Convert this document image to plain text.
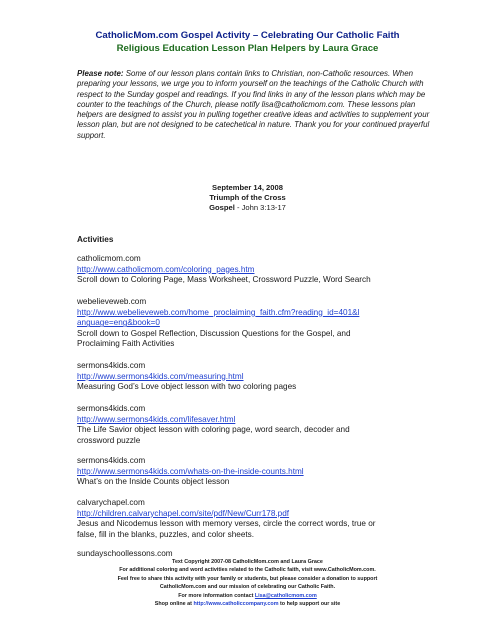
CatholicMom.com Gospel Activity – Celebrating Our Catholic Faith
Religious Education Lesson Plan Helpers by Laura Grace
Please note: Some of our lesson plans contain links to Christian, non-Catholic resources. When preparing your lessons, we urge you to inform yourself on the teachings of the Catholic Church with respect to the Sunday gospel and readings. If you find links in any of the lesson plans which may be counter to the teachings of the Church, please notify lisa@catholicmom.com. These lessons plan helpers are designed to assist you in pulling together creative ideas and activities to supplement your lesson plan, but are not designed to be catechetical in nature. Thank you for your continued prayerful support.
September 14, 2008
Triumph of the Cross
Gospel - John 3:13-17
Activities
catholicmom.com
http://www.catholicmom.com/coloring_pages.htm
Scroll down to Coloring Page, Mass Worksheet, Crossword Puzzle, Word Search
webelieveweb.com
http://www.webelieveweb.com/home_proclaiming_faith.cfm?reading_id=401&l
anguage=eng&book=0
Scroll down to Gospel Reflection, Discussion Questions for the Gospel, and
Proclaiming Faith Activities
sermons4kids.com
http://www.sermons4kids.com/measuring.html
Measuring God’s Love object lesson with two coloring pages
sermons4kids.com
http://www.sermons4kids.com/lifesaver.html
The Life Savior object lesson with coloring page, word search, decoder and
crossword puzzle
sermons4kids.com
http://www.sermons4kids.com/whats-on-the-inside-counts.html
What’s on the Inside Counts object lesson
calvarychapel.com
http://children.calvarychapel.com/site/pdf/New/Curr178.pdf
Jesus and Nicodemus lesson with memory verses, circle the correct words, true or
false, fill in the blanks, puzzles, and color sheets.
sundayschoollessons.com
Text Copyright 2007-08 CatholicMom.com and Laura Grace
For additional coloring and word activities related to the Catholic faith, visit www.CatholicMom.com.
Feel free to share this activity with your family or students, but please consider a donation to support
CatholicMom.com and our mission of celebrating our Catholic Faith.
For more information contact Lisa@catholicmom.com
Shop online at http://www.catholiccompany.com to help support our site
